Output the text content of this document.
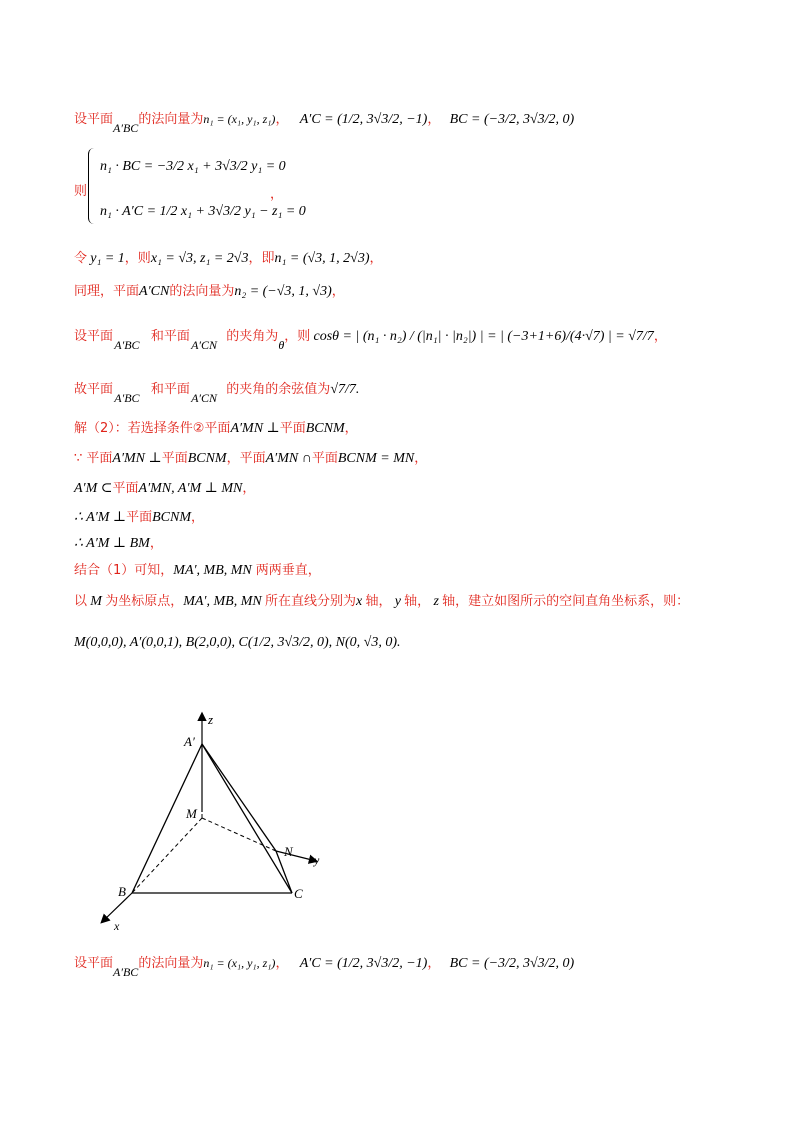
设平面A′BC的法向量为n₁ = (x₁, y₁, z₁)， A′C = (1/2, 3√3/2, −1)， BC = (−3/2, 3√3/2, 0)
则
n₁ · BC = −3/2 x₁ + 3√3/2 y₁ = 0
n₁ · A′C = 1/2 x₁ + 3√3/2 y₁ − z₁ = 0
，
令 y₁ = 1，则x₁ = √3, z₁ = 2√3，即n₁ = (√3, 1, 2√3)，
同理，平面A′CN的法向量为n₂ = (−√3, 1, √3)，
设平面 A′BC 和平面 A′CN 的夹角为θ，则 cosθ = | (n₁ · n₂) / (|n₁| · |n₂|) | = | (−3+1+6)/(4·√7) | = √7/7，
故平面 A′BC 和平面 A′CN 的夹角的余弦值为√7/7.
解（2）：若选择条件②平面A′MN ⊥平面BCNM，
∵ 平面A′MN ⊥平面BCNM，平面A′MN ∩平面BCNM = MN，
A′M ⊂平面A′MN, A′M ⊥ MN，
∴ A′M ⊥平面BCNM，
∴ A′M ⊥ BM，
结合（1）可知，MA′, MB, MN 两两垂直，
以 M 为坐标原点，MA′, MB, MN 所在直线分别为x 轴， y 轴， z 轴，建立如图所示的空间直角坐标系，则：
M(0,0,0), A′(0,0,1), B(2,0,0), C(1/2, 3√3/2, 0), N(0, √3, 0).
z
A′
M
N
y
B	C
x
设平面A′BC的法向量为n₁ = (x₁, y₁, z₁)， A′C = (1/2, 3√3/2, −1)， BC = (−3/2, 3√3/2, 0)
